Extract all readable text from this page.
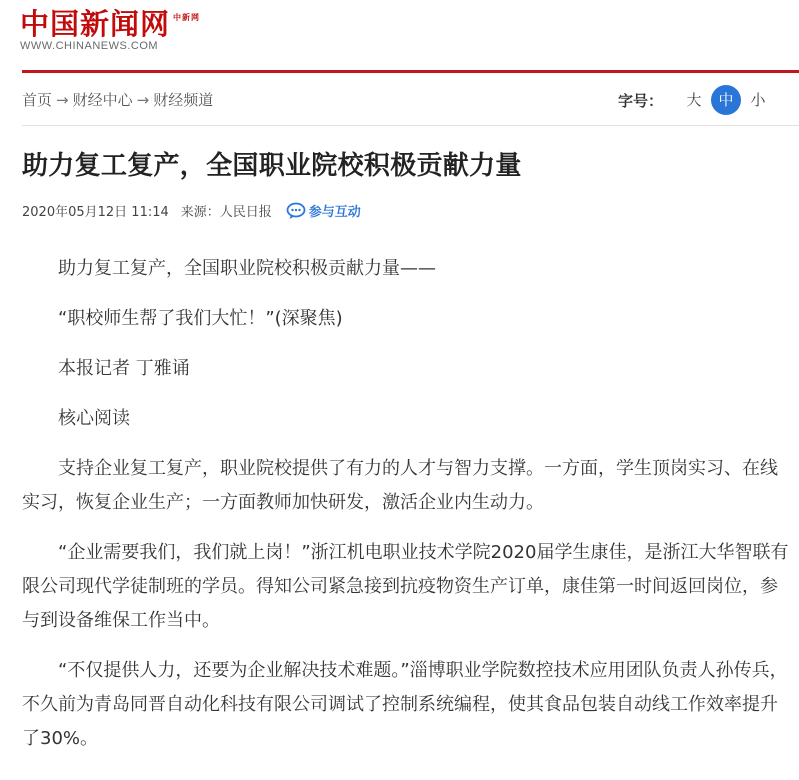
中国新闻网 中新网
WWW.CHINANEWS.COM
首页 → 财经中心 → 财经频道	字号：	大	中	小
助力复工复产，全国职业院校积极贡献力量
2020年05月12日 11:14 来源：人民日报	参与互动

助力复工复产，全国职业院校积极贡献力量——

“职校师生帮了我们大忙！”(深聚焦)

本报记者 丁雅诵

核心阅读

支持企业复工复产，职业院校提供了有力的人才与智力支撑。一方面，学生顶岗实习、在线实习，恢复企业生产；一方面教师加快研发，激活企业内生动力。

“企业需要我们，我们就上岗！”浙江机电职业技术学院2020届学生康佳，是浙江大华智联有限公司现代学徒制班的学员。得知公司紧急接到抗疫物资生产订单，康佳第一时间返回岗位，参与到设备维保工作当中。

“不仅提供人力，还要为企业解决技术难题。”淄博职业学院数控技术应用团队负责人孙传兵，不久前为青岛同晋自动化科技有限公司调试了控制系统编程，使其食品包装自动线工作效率提升了30%。
